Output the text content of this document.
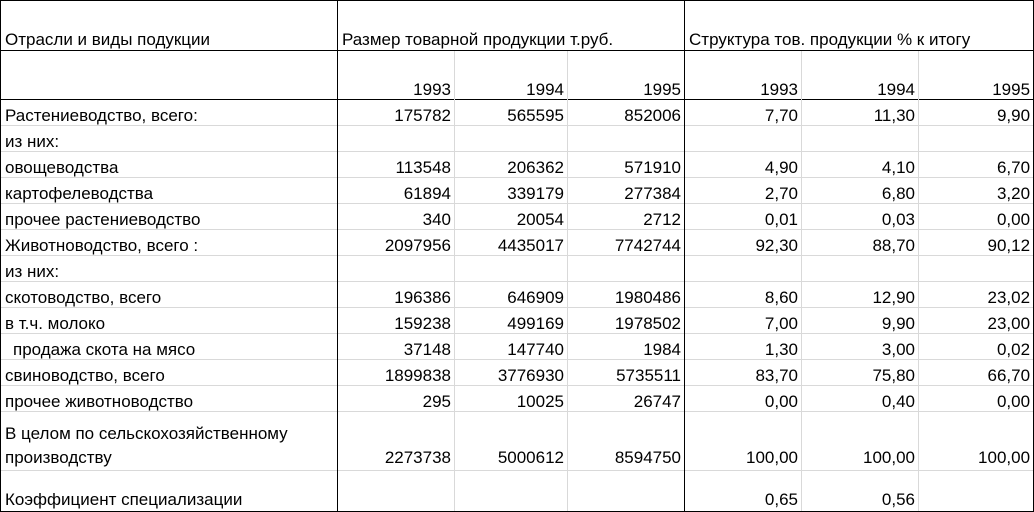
Отрасли и виды подукции	Размер товарной продукции т.руб.			Структура тов. продукции % к итогу		
	1993	1994	1995	1993	1994	1995
Растениеводство, всего:	175782	565595	852006	7,70	11,30	9,90
из них:						
овощеводства	113548	206362	571910	4,90	4,10	6,70
картофелеводства	61894	339179	277384	2,70	6,80	3,20
прочее растениеводство	340	20054	2712	0,01	0,03	0,00
Животноводство, всего :	2097956	4435017	7742744	92,30	88,70	90,12
из них:						
скотоводство, всего	196386	646909	1980486	8,60	12,90	23,02
в т.ч. молоко	159238	499169	1978502	7,00	9,90	23,00
продажа скота на мясо	37148	147740	1984	1,30	3,00	0,02
свиноводство, всего	1899838	3776930	5735511	83,70	75,80	66,70
прочее животноводство	295	10025	26747	0,00	0,40	0,00
В целом по сельскохозяйственному производству	2273738	5000612	8594750	100,00	100,00	100,00
Коэффициент специализации				0,65	0,56	
